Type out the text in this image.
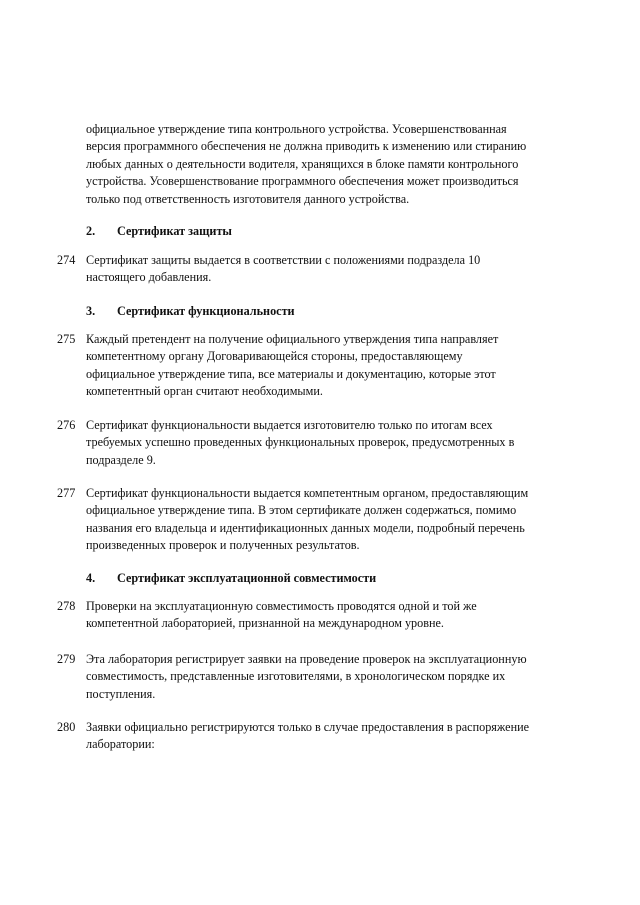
официальное утверждение типа контрольного устройства. Усовершенствованная
версия программного обеспечения не должна приводить к изменению или стиранию
любых данных о деятельности водителя, хранящихся в блоке памяти контрольного
устройства. Усовершенствование программного обеспечения может производиться
только под ответственность изготовителя данного устройства.
2. Сертификат защиты
274 Сертификат защиты выдается в соответствии с положениями подраздела 10
настоящего добавления.
3. Сертификат функциональности
275 Каждый претендент на получение официального утверждения типа направляет
компетентному органу Договаривающейся стороны, предоставляющему
официальное утверждение типа, все материалы и документацию, которые этот
компетентный орган считают необходимыми.
276 Сертификат функциональности выдается изготовителю только по итогам всех
требуемых успешно проведенных функциональных проверок, предусмотренных в
подразделе 9.
277 Сертификат функциональности выдается компетентным органом, предоставляющим
официальное утверждение типа. В этом сертификате должен содержаться, помимо
названия его владельца и идентификационных данных модели, подробный перечень
произведенных проверок и полученных результатов.
4. Сертификат эксплуатационной совместимости
278 Проверки на эксплуатационную совместимость проводятся одной и той же
компетентной лабораторией, признанной на международном уровне.
279 Эта лаборатория регистрирует заявки на проведение проверок на эксплуатационную
совместимость, представленные изготовителями, в хронологическом порядке их
поступления.
280 Заявки официально регистрируются только в случае предоставления в распоряжение
лаборатории:
